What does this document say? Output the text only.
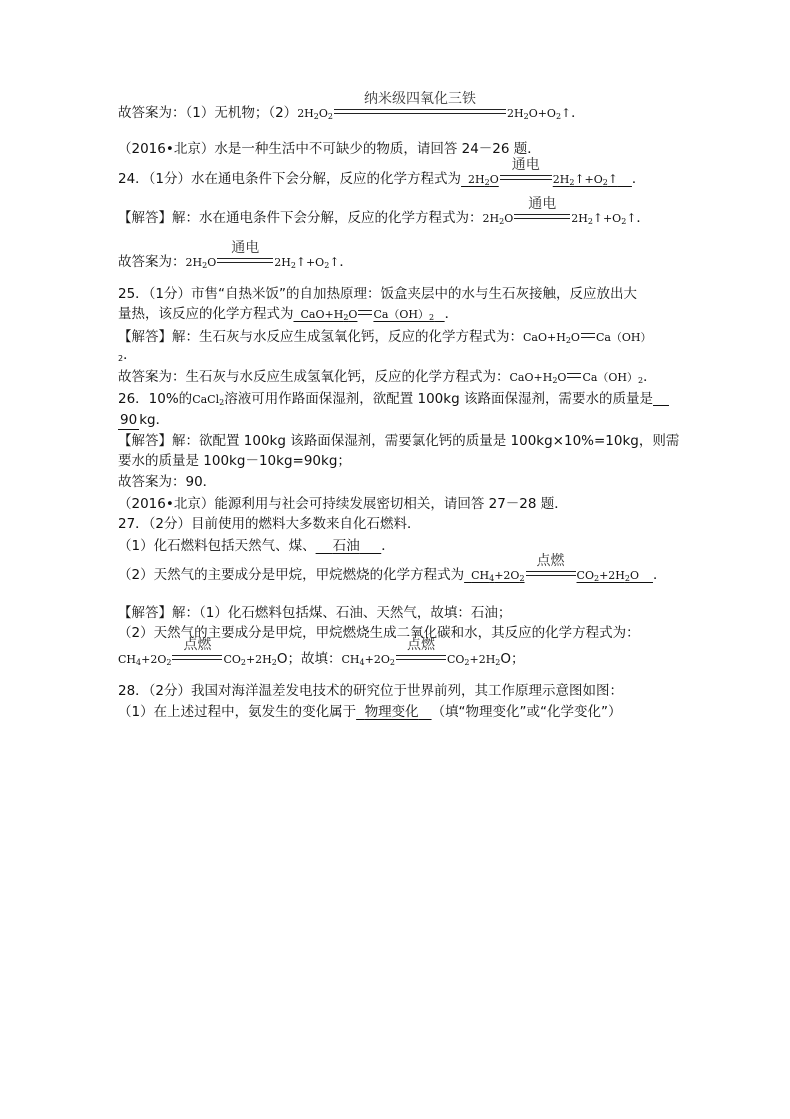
故答案为：（1）无机物；$(2)2H_2O_2$
纳米级四氧化三铁
$2H_2O+O_2↑$．
（2016•北京）水是一种生活中不可缺少的物质，请回答 24－26 题．
24．（1分）水在通电条件下会分解，反应的化学方程式为 $2H_2O$
通电
$2H_2↑+O_2↑$ ．
【解答】解：水在通电条件下会分解，反应的化学方程式为：$2H_2O$
通电
$2H_2↑+O_2↑$．
故答案为：$2H_2O$
通电
$2H_2↑+O_2↑$．
25．（1分）市售“自热米饭”的自加热原理：饭盒夹层中的水与生石灰接触，反应放出大
量热，该反应的化学方程式为 $CaO+H_2O$ $Ca(OH)_2$ ．
【解答】解：生石灰与水反应生成氢氧化钙，反应的化学方程式为：$CaO+H_2O$ Ca（OH）
$_2$．
故答案为：生石灰与水反应生成氢氧化钙，反应的化学方程式为：$CaO+H_2O$ $Ca(OH)_2$．
26．10%的CaCl$_2$溶液可用作路面保湿剂，欲配置 100kg 该路面保湿剂，需要水的质量是
90 kg．
【解答】解：欲配置 100kg 该路面保湿剂，需要氯化钙的质量是 100kg×10%=10kg，则需
要水的质量是 100kg－10kg=90kg；
故答案为：90．
（2016•北京）能源利用与社会可持续发展密切相关，请回答 27－28 题．
27．（2分）目前使用的燃料大多数来自化石燃料．
（1）化石燃料包括天然气、煤、 石油 ．
（2）天然气的主要成分是甲烷，甲烷燃烧的化学方程式为 $CH_4+2O_2$
点燃
$CO_2+2H_2O$ ．
【解答】解：（1）化石燃料包括煤、石油、天然气，故填：石油；
（2）天然气的主要成分是甲烷，甲烷燃烧生成二氧化碳和水，其反应的化学方程式为：
$CH_4+2O_2$
点燃
$CO_2+2H_2O$；故填：$CH_4+2O_2$
点燃
$CO_2+2H_2O$；
28．（2分）我国对海洋温差发电技术的研究位于世界前列，其工作原理示意图如图：
（1）在上述过程中，氨发生的变化属于 物理变化 （填“物理变化”或“化学变化”）
